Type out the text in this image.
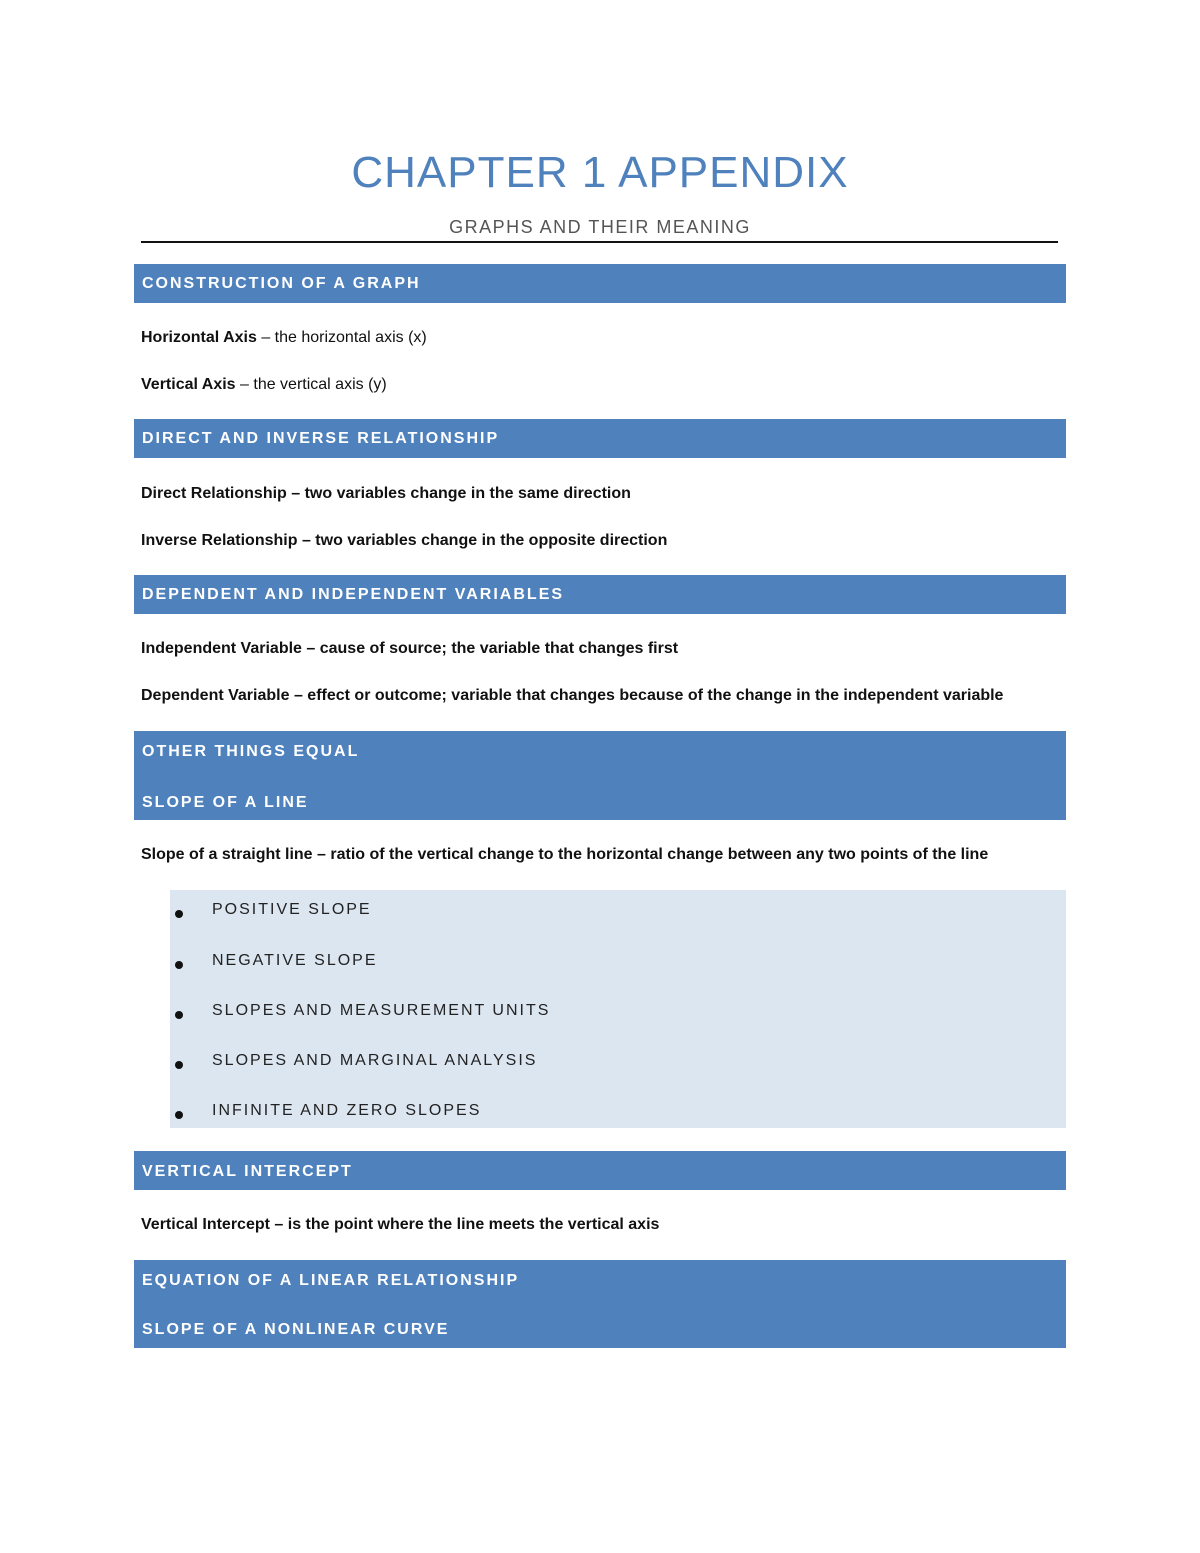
CHAPTER 1 APPENDIX
GRAPHS AND THEIR MEANING
CONSTRUCTION OF A GRAPH
Horizontal Axis – the horizontal axis (x)
Vertical Axis – the vertical axis (y)
DIRECT AND INVERSE RELATIONSHIP
Direct Relationship – two variables change in the same direction
Inverse Relationship – two variables change in the opposite direction
DEPENDENT AND INDEPENDENT VARIABLES
Independent Variable – cause of source; the variable that changes first
Dependent Variable – effect or outcome; variable that changes because of the change in the independent variable
OTHER THINGS EQUAL
SLOPE OF A LINE
Slope of a straight line – ratio of the vertical change to the horizontal change between any two points of the line
POSITIVE SLOPE
NEGATIVE SLOPE
SLOPES AND MEASUREMENT UNITS
SLOPES AND MARGINAL ANALYSIS
INFINITE AND ZERO SLOPES
VERTICAL INTERCEPT
Vertical Intercept – is the point where the line meets the vertical axis
EQUATION OF A LINEAR RELATIONSHIP
SLOPE OF A NONLINEAR CURVE
